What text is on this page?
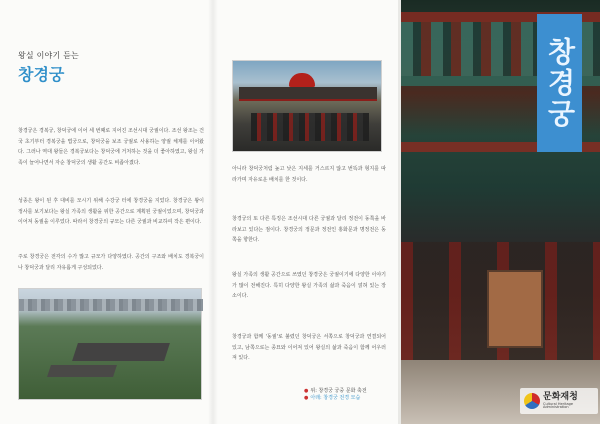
왕실 이야기 듣는
창경궁

창경궁은 경복궁, 창덕궁에 이어 세 번째로 지어진 조선시대 궁궐이다. 조선 왕조는 건국 초기부터 경복궁을 법궁으로, 창덕궁을 보조 궁궐로 사용하는 양궐 체제를 이어왔다. 그러나 역대 왕들은 경복궁보다는 창덕궁에 거처하는 것을 더 좋아하였고, 왕실 가족이 늘어나면서 자순 창덕궁의 생활 공간도 비좁아졌다.

성종은 왕이 된 후 대비를 모시기 위해 수강궁 터에 창경궁을 지었다. 창경궁은 왕이 정사를 보기보다는 왕실 가족의 생활을 위한 공간으로 계획된 궁궐이었으며, 창덕궁과 이어져 동궐을 이루었다. 따라서 창경궁의 규모는 다른 궁궐과 비교하여 작은 편이다.

주로 창경궁은 전각의 수가 많고 규모가 다양하였다. 공간의 구조와 배치도 경복궁이나 창덕궁과 달리 자유롭게 구성되었다.

아니라 창덕궁처럼 높고 낮은 지세를 거스르지 않고 번뜩과 형지를 따라가며 자유로운 배치를 한 것이다.

창경궁의 또 다른 특징은 조선시대 다른 궁궐과 달리 정전이 동쪽을 바라보고 있다는 점이다. 창경궁의 정문과 정전인 홍화문과 명정전은 동쪽을 향한다.

왕실 가족의 생활 공간으로 쓰였던 창경궁은 궁궐이기에 다양한 이야기가 많이 전해진다. 특히 다양한 왕실 가족의 삶과 죽음이 얽혀 있는 장소이다.

창경궁과 함께 '동궐'로 불렸던 창덕궁은 서쪽으로 창덕궁과 연결되어 있고, 남쪽으로는 종묘와 이어져 있어 왕실의 삶과 죽음이 함께 어우러져 있다.

● 위: 창경궁 궁중 문화 축전
● 아래: 창경궁 전경 모습
창경궁
문화재청
Cultural Heritage Administration
